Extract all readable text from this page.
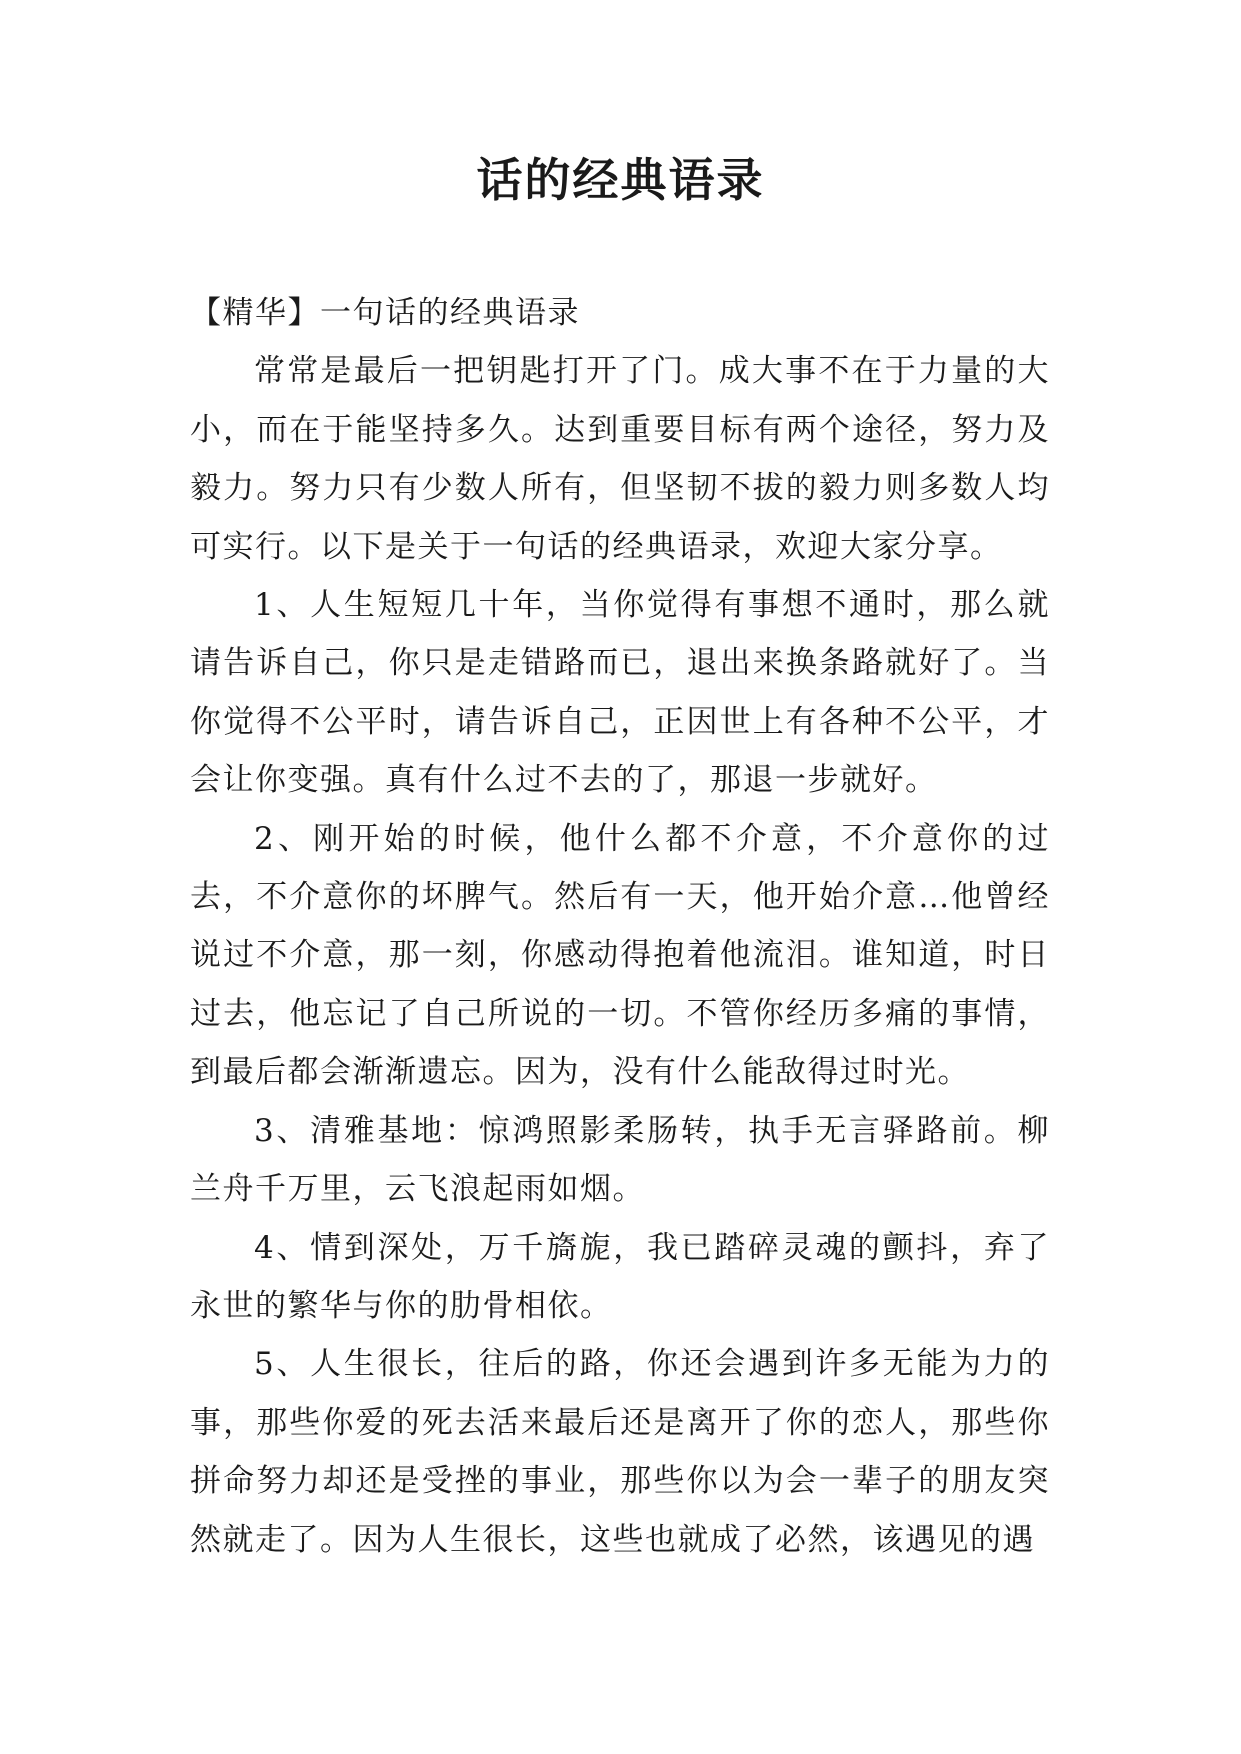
话的经典语录

【精华】一句话的经典语录

常常是最后一把钥匙打开了门。成大事不在于力量的大小，而在于能坚持多久。达到重要目标有两个途径，努力及毅力。努力只有少数人所有，但坚韧不拔的毅力则多数人均可实行。以下是关于一句话的经典语录，欢迎大家分享。

1、人生短短几十年，当你觉得有事想不通时，那么就请告诉自己，你只是走错路而已，退出来换条路就好了。当你觉得不公平时，请告诉自己，正因世上有各种不公平，才会让你变强。真有什么过不去的了，那退一步就好。

2、刚开始的时候，他什么都不介意，不介意你的过去，不介意你的坏脾气。然后有一天，他开始介意…他曾经说过不介意，那一刻，你感动得抱着他流泪。谁知道，时日过去，他忘记了自己所说的一切。不管你经历多痛的事情，到最后都会渐渐遗忘。因为，没有什么能敌得过时光。

3、清雅基地：惊鸿照影柔肠转，执手无言驿路前。柳兰舟千万里，云飞浪起雨如烟。

4、情到深处，万千旖旎，我已踏碎灵魂的颤抖，弃了永世的繁华与你的肋骨相依。

5、人生很长，往后的路，你还会遇到许多无能为力的事，那些你爱的死去活来最后还是离开了你的恋人，那些你拼命努力却还是受挫的事业，那些你以为会一辈子的朋友突然就走了。因为人生很长，这些也就成了必然，该遇见的遇
